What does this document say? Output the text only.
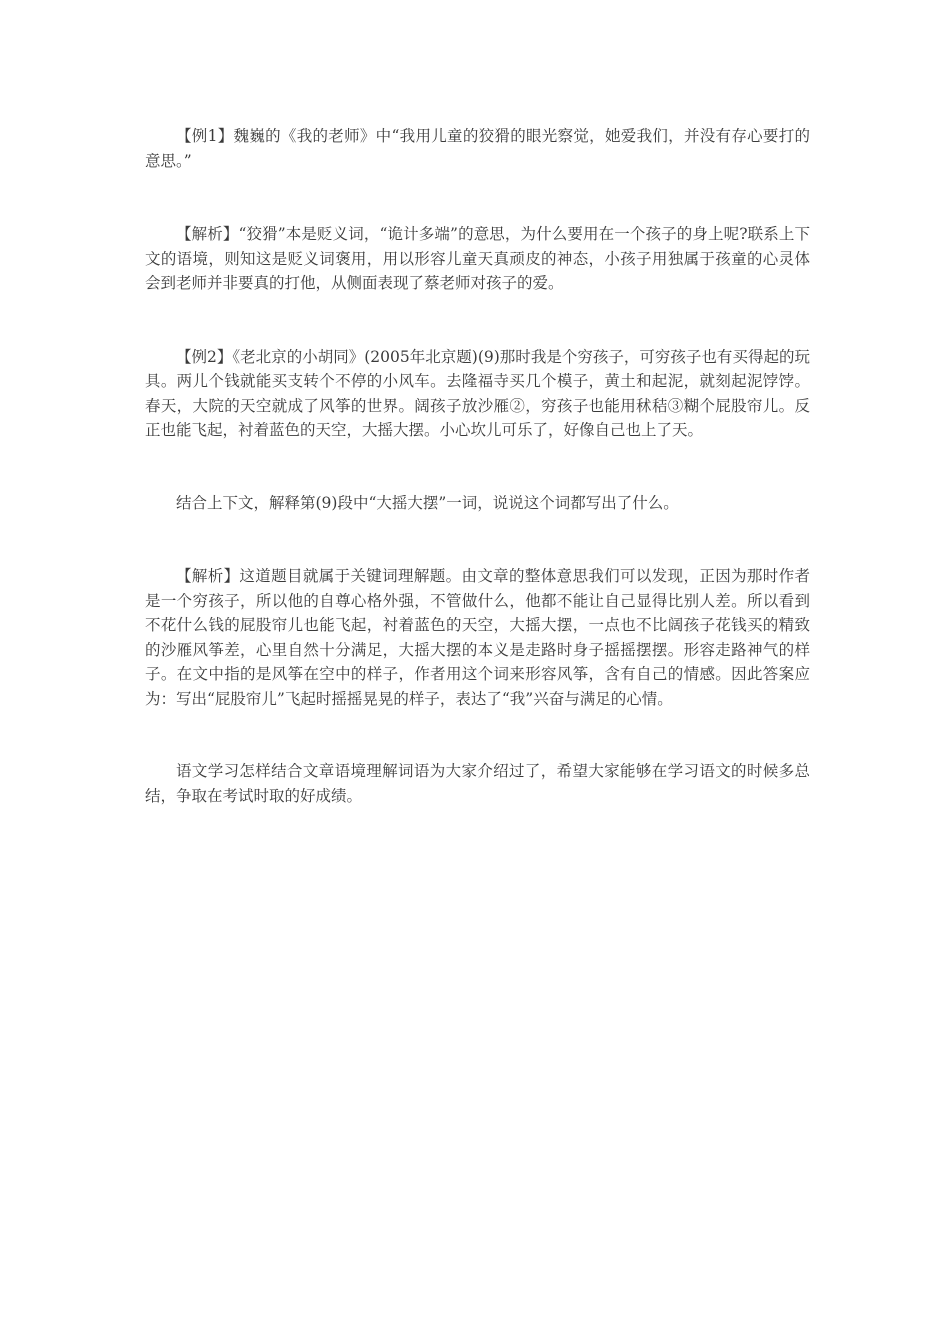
【例1】魏巍的《我的老师》中“我用儿童的狡猾的眼光察觉，她爱我们，并没有存心要打的意思。”

【解析】“狡猾”本是贬义词，“诡计多端”的意思，为什么要用在一个孩子的身上呢?联系上下文的语境，则知这是贬义词褒用，用以形容儿童天真顽皮的神态，小孩子用独属于孩童的心灵体会到老师并非要真的打他，从侧面表现了蔡老师对孩子的爱。

【例2】《老北京的小胡同》(2005年北京题)(9)那时我是个穷孩子，可穷孩子也有买得起的玩具。两儿个钱就能买支转个不停的小风车。去隆福寺买几个模子，黄土和起泥，就刻起泥饽饽。春天，大院的天空就成了风筝的世界。阔孩子放沙雁②，穷孩子也能用秫秸③糊个屁股帘儿。反正也能飞起，衬着蓝色的天空，大摇大摆。小心坎儿可乐了，好像自己也上了天。

结合上下文，解释第(9)段中“大摇大摆”一词，说说这个词都写出了什么。

【解析】这道题目就属于关键词理解题。由文章的整体意思我们可以发现，正因为那时作者是一个穷孩子，所以他的自尊心格外强，不管做什么，他都不能让自己显得比别人差。所以看到不花什么钱的屁股帘儿也能飞起，衬着蓝色的天空，大摇大摆，一点也不比阔孩子花钱买的精致的沙雁风筝差，心里自然十分满足，大摇大摆的本义是走路时身子摇摇摆摆。形容走路神气的样子。在文中指的是风筝在空中的样子，作者用这个词来形容风筝，含有自己的情感。因此答案应为：写出“屁股帘儿”飞起时摇摇晃晃的样子，表达了“我”兴奋与满足的心情。

语文学习怎样结合文章语境理解词语为大家介绍过了，希望大家能够在学习语文的时候多总结，争取在考试时取的好成绩。
